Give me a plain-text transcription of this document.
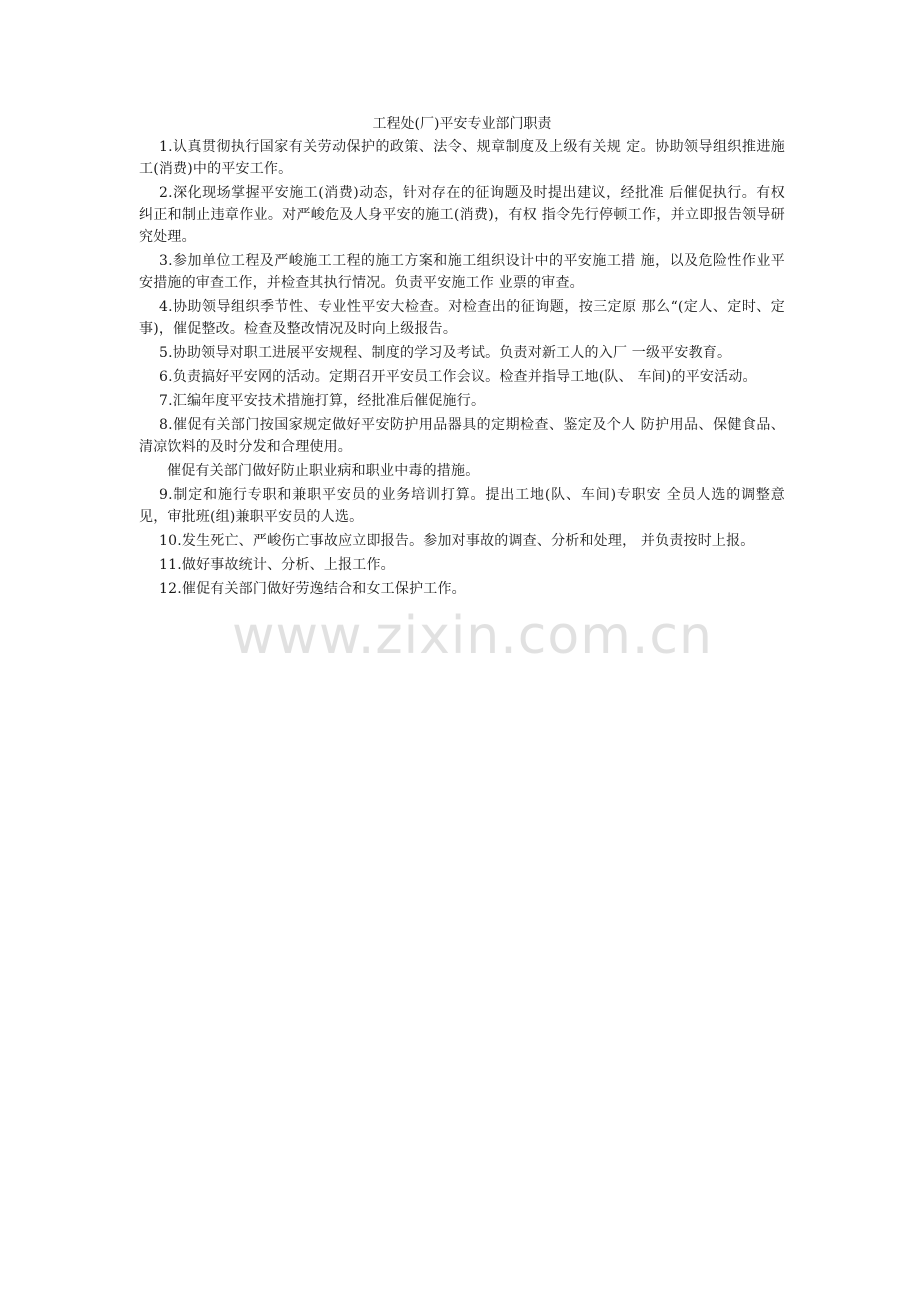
工程处(厂)平安专业部门职责

1.认真贯彻执行国家有关劳动保护的政策、法令、规章制度及上级有关规 定。协助领导组织推进施工(消费)中的平安工作。

2.深化现场掌握平安施工(消费)动态，针对存在的征询题及时提出建议，经批准 后催促执行。有权纠正和制止违章作业。对严峻危及人身平安的施工(消费)，有权 指令先行停顿工作，并立即报告领导研究处理。

3.参加单位工程及严峻施工工程的施工方案和施工组织设计中的平安施工措 施，以及危险性作业平安措施的审查工作，并检查其执行情况。负责平安施工作 业票的审查。

4.协助领导组织季节性、专业性平安大检查。对检查出的征询题，按三定原 那么“(定人、定时、定事)，催促整改。检查及整改情况及时向上级报告。

5.协助领导对职工进展平安规程、制度的学习及考试。负责对新工人的入厂 一级平安教育。

6.负责搞好平安网的活动。定期召开平安员工作会议。检查并指导工地(队、 车间)的平安活动。

7.汇编年度平安技术措施打算，经批准后催促施行。

8.催促有关部门按国家规定做好平安防护用品器具的定期检查、鉴定及个人 防护用品、保健食品、清凉饮料的及时分发和合理使用。

催促有关部门做好防止职业病和职业中毒的措施。

9.制定和施行专职和兼职平安员的业务培训打算。提出工地(队、车间)专职安 全员人选的调整意见，审批班(组)兼职平安员的人选。

10.发生死亡、严峻伤亡事故应立即报告。参加对事故的调查、分析和处理， 并负责按时上报。

11.做好事故统计、分析、上报工作。

12.催促有关部门做好劳逸结合和女工保护工作。

www.zixin.com.cn
